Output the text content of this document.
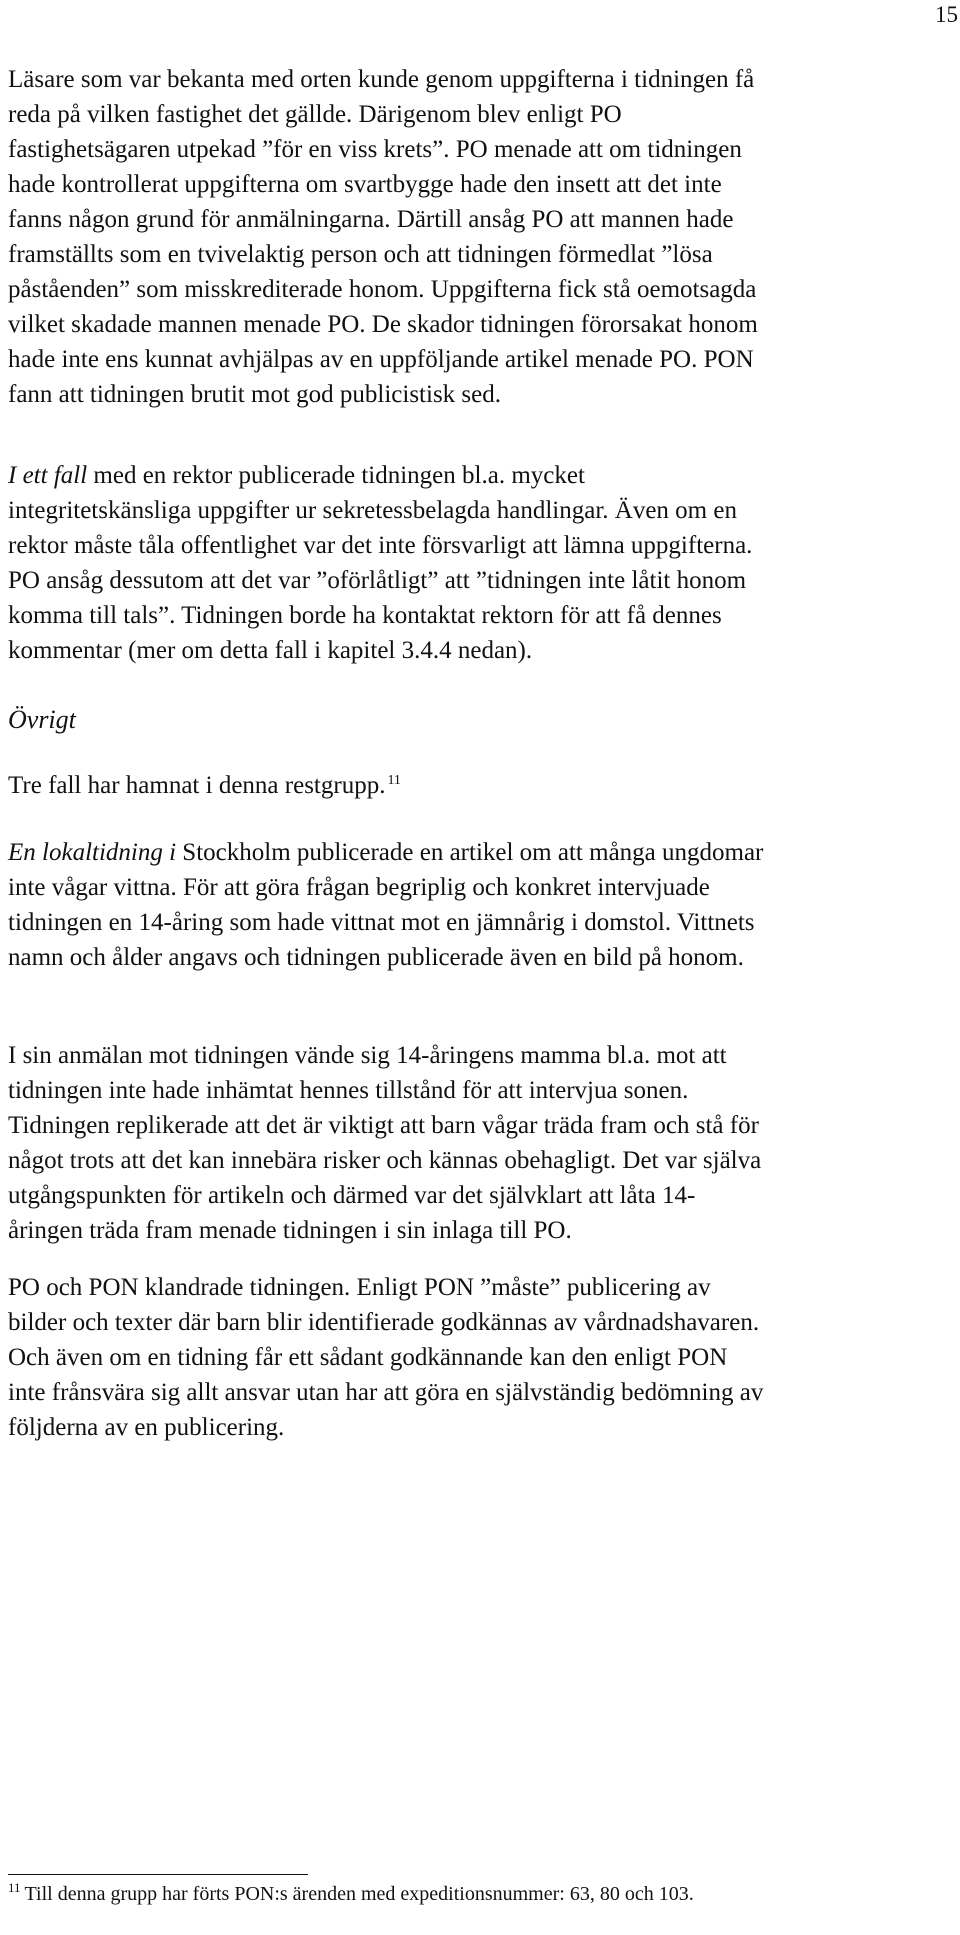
15

Läsare som var bekanta med orten kunde genom uppgifterna i tidningen få reda på vilken fastighet det gällde. Därigenom blev enligt PO fastighetsägaren utpekad ”för en viss krets”. PO menade att om tidningen hade kontrollerat uppgifterna om svartbygge hade den insett att det inte fanns någon grund för anmälningarna. Därtill ansåg PO att mannen hade framställts som en tvivelaktig person och att tidningen förmedlat ”lösa påståenden” som misskrediterade honom. Uppgifterna fick stå oemotsagda vilket skadade mannen menade PO. De skador tidningen förorsakat honom hade inte ens kunnat avhjälpas av en uppföljande artikel menade PO. PON fann att tidningen brutit mot god publicistisk sed.

I ett fall med en rektor publicerade tidningen bl.a. mycket integritetskänsliga uppgifter ur sekretessbelagda handlingar. Även om en rektor måste tåla offentlighet var det inte försvarligt att lämna uppgifterna. PO ansåg dessutom att det var ”oförlåtligt” att ”tidningen inte låtit honom komma till tals”. Tidningen borde ha kontaktat rektorn för att få dennes kommentar (mer om detta fall i kapitel 3.4.4 nedan).

Övrigt

Tre fall har hamnat i denna restgrupp. $^{11}$

En lokaltidning i Stockholm publicerade en artikel om att många ungdomar inte vågar vittna. För att göra frågan begriplig och konkret intervjuade tidningen en 14-åring som hade vittnat mot en jämnårig i domstol. Vittnets namn och ålder angavs och tidningen publicerade även en bild på honom.

I sin anmälan mot tidningen vände sig 14-åringens mamma bl.a. mot att tidningen inte hade inhämtat hennes tillstånd för att intervjua sonen. Tidningen replikerade att det är viktigt att barn vågar träda fram och stå för något trots att det kan innebära risker och kännas obehagligt. Det var själva utgångspunkten för artikeln och därmed var det självklart att låta 14-åringen träda fram menade tidningen i sin inlaga till PO.

PO och PON klandrade tidningen. Enligt PON ”måste” publicering av bilder och texter där barn blir identifierade godkännas av vårdnadshavaren. Och även om en tidning får ett sådant godkännande kan den enligt PON inte frånsvära sig allt ansvar utan har att göra en självständig bedömning av följderna av en publicering.

$^{11}$ Till denna grupp har förts PON:s ärenden med expeditionsnummer: 63, 80 och 103.
